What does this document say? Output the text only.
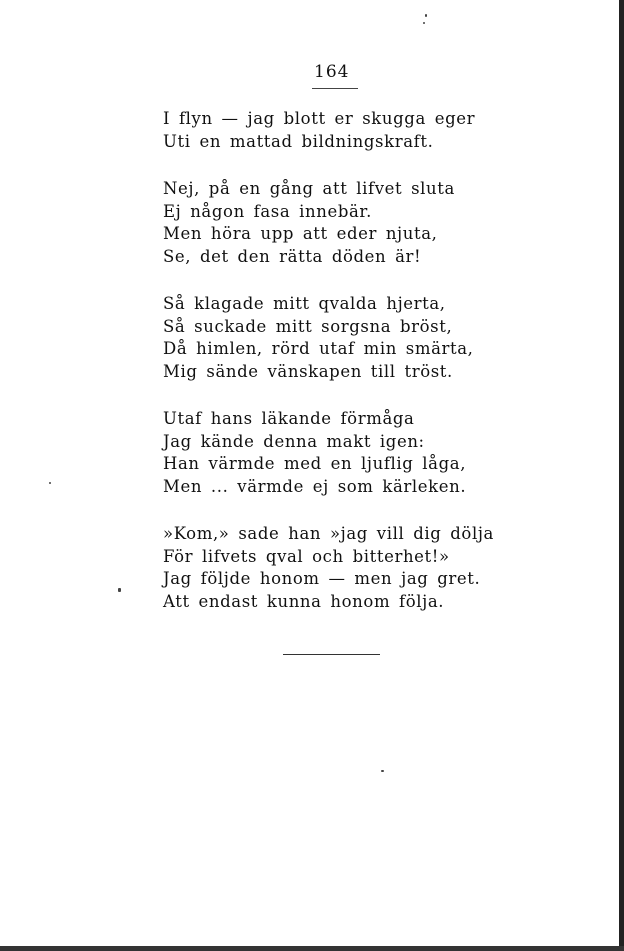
164
I flyn — jag blott er skugga eger
Uti en mattad bildningskraft.
Nej, på en gång att lifvet sluta
Ej någon fasa innebär.
Men höra upp att eder njuta,
Se, det den rätta döden är!
Så klagade mitt qvalda hjerta,
Så suckade mitt sorgsna bröst,
Då himlen, rörd utaf min smärta,
Mig sände vänskapen till tröst.
Utaf hans läkande förmåga
Jag kände denna makt igen:
Han värmde med en ljuflig låga,
Men ... värmde ej som kärleken.
»Kom,» sade han »jag vill dig dölja
För lifvets qval och bitterhet!»
Jag följde honom — men jag gret.
Att endast kunna honom följa.
